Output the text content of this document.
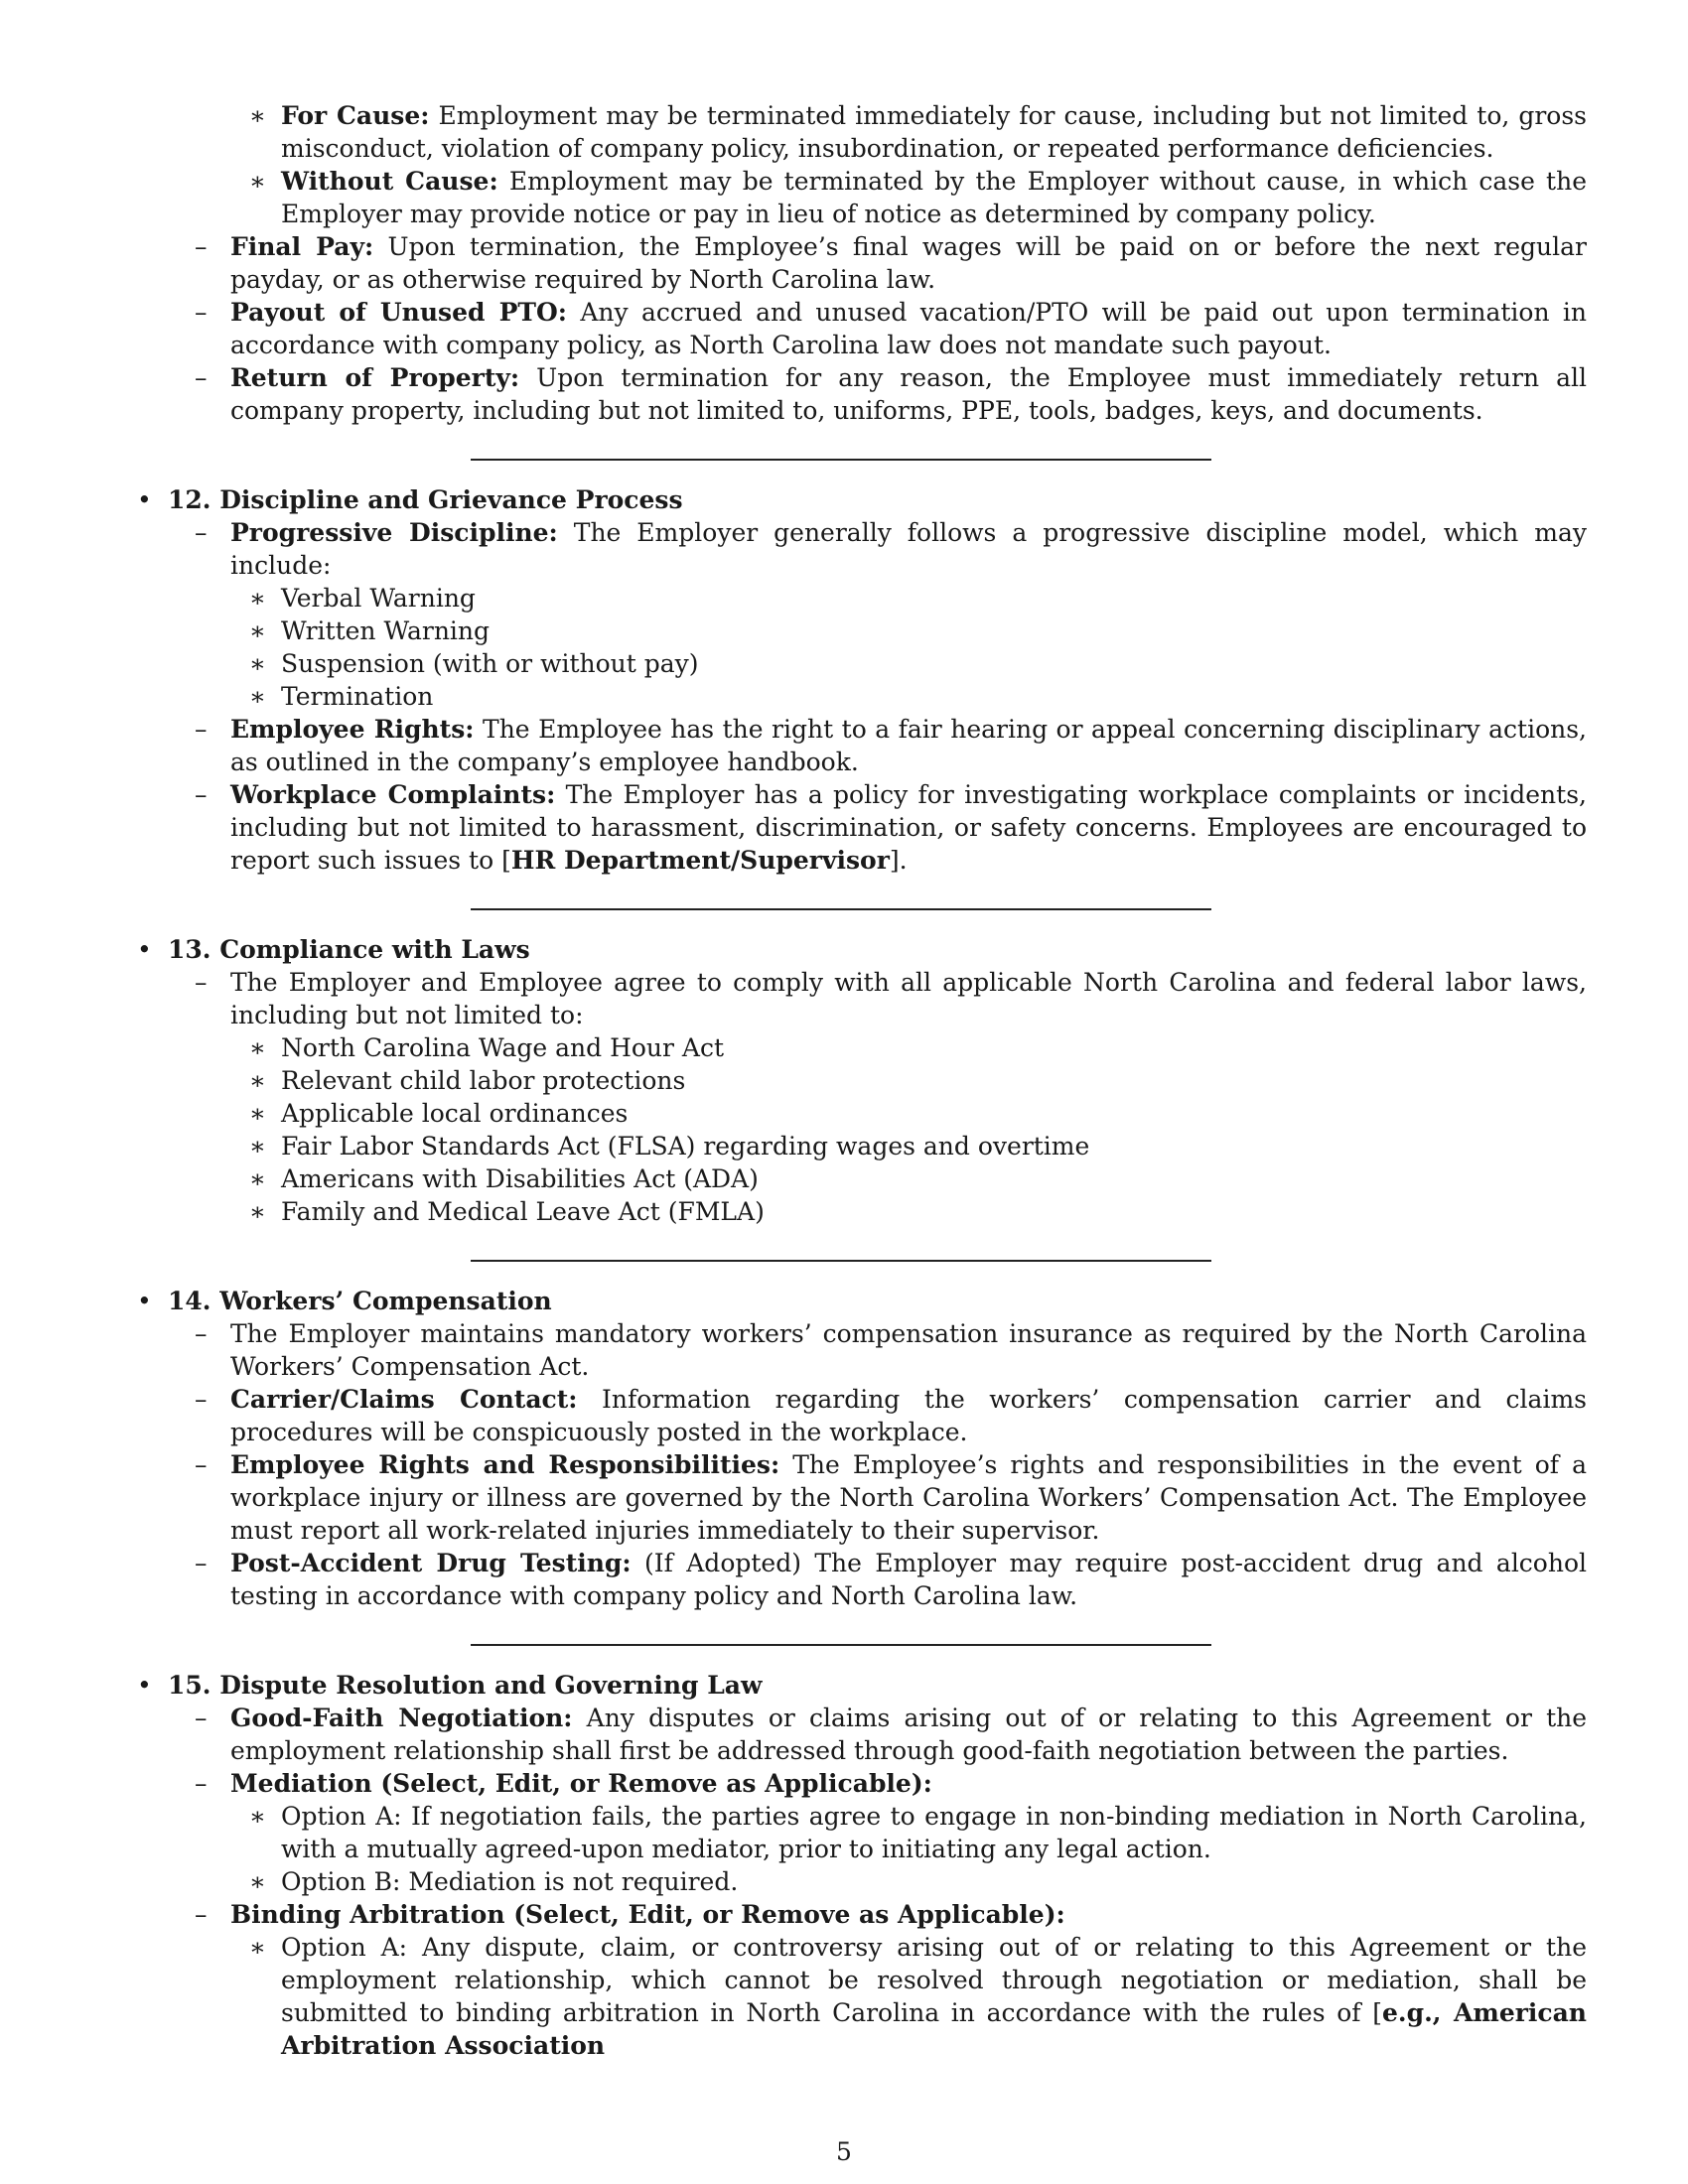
∗ For Cause: Employment may be terminated immediately for cause, including but not limited to, gross misconduct, violation of company policy, insubordination, or repeated performance deficiencies.
∗ Without Cause: Employment may be terminated by the Employer without cause, in which case the Employer may provide notice or pay in lieu of notice as determined by company policy.
– Final Pay: Upon termination, the Employee’s final wages will be paid on or before the next regular payday, or as otherwise required by North Carolina law.
– Payout of Unused PTO: Any accrued and unused vacation/PTO will be paid out upon termination in accordance with company policy, as North Carolina law does not mandate such payout.
– Return of Property: Upon termination for any reason, the Employee must immediately return all company property, including but not limited to, uniforms, PPE, tools, badges, keys, and documents.
• 12. Discipline and Grievance Process
– Progressive Discipline: The Employer generally follows a progressive discipline model, which may include:
∗ Verbal Warning
∗ Written Warning
∗ Suspension (with or without pay)
∗ Termination
– Employee Rights: The Employee has the right to a fair hearing or appeal concerning disciplinary actions, as outlined in the company’s employee handbook.
– Workplace Complaints: The Employer has a policy for investigating workplace complaints or incidents, including but not limited to harassment, discrimination, or safety concerns. Employees are encouraged to report such issues to [HR Department/Supervisor].
• 13. Compliance with Laws
– The Employer and Employee agree to comply with all applicable North Carolina and federal labor laws, including but not limited to:
∗ North Carolina Wage and Hour Act
∗ Relevant child labor protections
∗ Applicable local ordinances
∗ Fair Labor Standards Act (FLSA) regarding wages and overtime
∗ Americans with Disabilities Act (ADA)
∗ Family and Medical Leave Act (FMLA)
• 14. Workers’ Compensation
– The Employer maintains mandatory workers’ compensation insurance as required by the North Carolina Workers’ Compensation Act.
– Carrier/Claims Contact: Information regarding the workers’ compensation carrier and claims procedures will be conspicuously posted in the workplace.
– Employee Rights and Responsibilities: The Employee’s rights and responsibilities in the event of a workplace injury or illness are governed by the North Carolina Workers’ Compensation Act. The Employee must report all work-related injuries immediately to their supervisor.
– Post-Accident Drug Testing: (If Adopted) The Employer may require post-accident drug and alcohol testing in accordance with company policy and North Carolina law.
• 15. Dispute Resolution and Governing Law
– Good-Faith Negotiation: Any disputes or claims arising out of or relating to this Agreement or the employment relationship shall first be addressed through good-faith negotiation between the parties.
– Mediation (Select, Edit, or Remove as Applicable):
∗ Option A: If negotiation fails, the parties agree to engage in non-binding mediation in North Carolina, with a mutually agreed-upon mediator, prior to initiating any legal action.
∗ Option B: Mediation is not required.
– Binding Arbitration (Select, Edit, or Remove as Applicable):
∗ Option A: Any dispute, claim, or controversy arising out of or relating to this Agreement or the employment relationship, which cannot be resolved through negotiation or mediation, shall be submitted to binding arbitration in North Carolina in accordance with the rules of [e.g., American Arbitration Association
5
